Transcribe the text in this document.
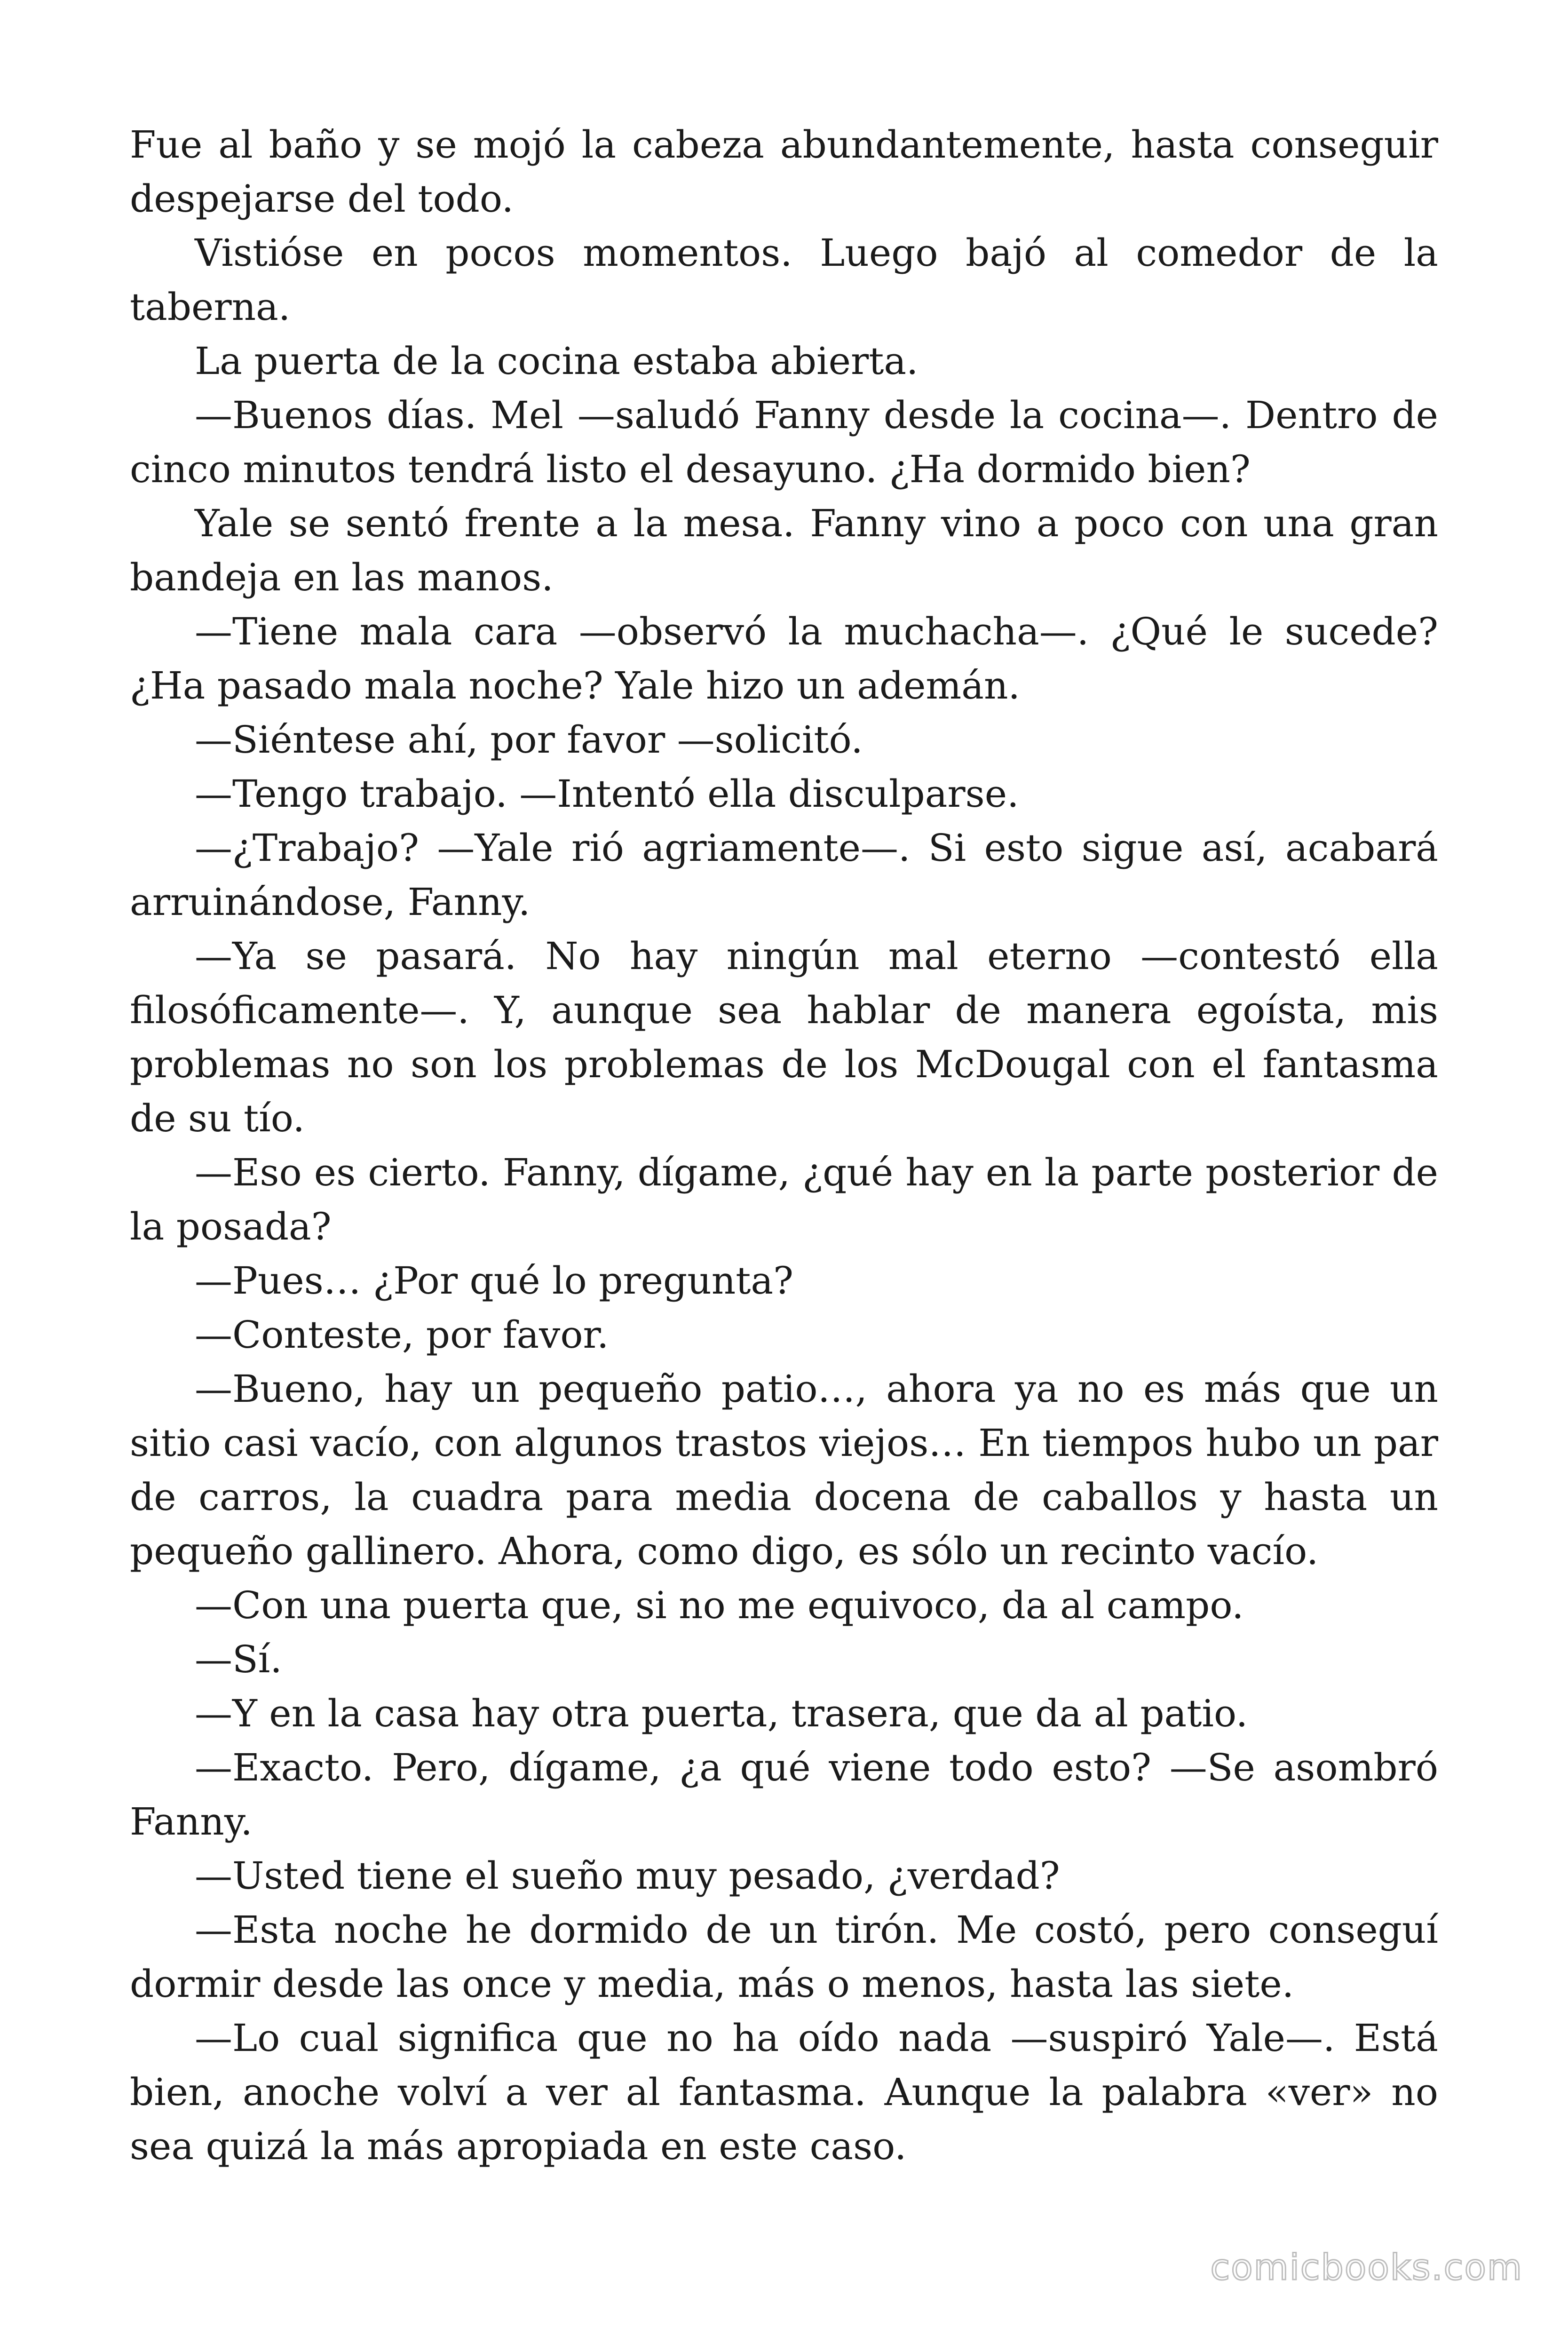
Fue al baño y se mojó la cabeza abundantemente, hasta conseguir despejarse del todo.

Vistióse en pocos momentos. Luego bajó al comedor de la taberna.

La puerta de la cocina estaba abierta.

—Buenos días. Mel —saludó Fanny desde la cocina—. Dentro de cinco minutos tendrá listo el desayuno. ¿Ha dormido bien?

Yale se sentó frente a la mesa. Fanny vino a poco con una gran bandeja en las manos.

—Tiene mala cara —observó la muchacha—. ¿Qué le sucede? ¿Ha pasado mala noche? Yale hizo un ademán.

—Siéntese ahí, por favor —solicitó.

—Tengo trabajo. —Intentó ella disculparse.

—¿Trabajo? —Yale rió agriamente—. Si esto sigue así, acabará arruinándose, Fanny.

—Ya se pasará. No hay ningún mal eterno —contestó ella filosóficamente—. Y, aunque sea hablar de manera egoísta, mis problemas no son los problemas de los McDougal con el fantasma de su tío.

—Eso es cierto. Fanny, dígame, ¿qué hay en la parte posterior de la posada?

—Pues… ¿Por qué lo pregunta?

—Conteste, por favor.

—Bueno, hay un pequeño patio…, ahora ya no es más que un sitio casi vacío, con algunos trastos viejos… En tiempos hubo un par de carros, la cuadra para media docena de caballos y hasta un pequeño gallinero. Ahora, como digo, es sólo un recinto vacío.

—Con una puerta que, si no me equivoco, da al campo.

—Sí.

—Y en la casa hay otra puerta, trasera, que da al patio.

—Exacto. Pero, dígame, ¿a qué viene todo esto? —Se asombró Fanny.

—Usted tiene el sueño muy pesado, ¿verdad?

—Esta noche he dormido de un tirón. Me costó, pero conseguí dormir desde las once y media, más o menos, hasta las siete.

—Lo cual significa que no ha oído nada —suspiró Yale—. Está bien, anoche volví a ver al fantasma. Aunque la palabra «ver» no sea quizá la más apropiada en este caso.

comicbooks.com
